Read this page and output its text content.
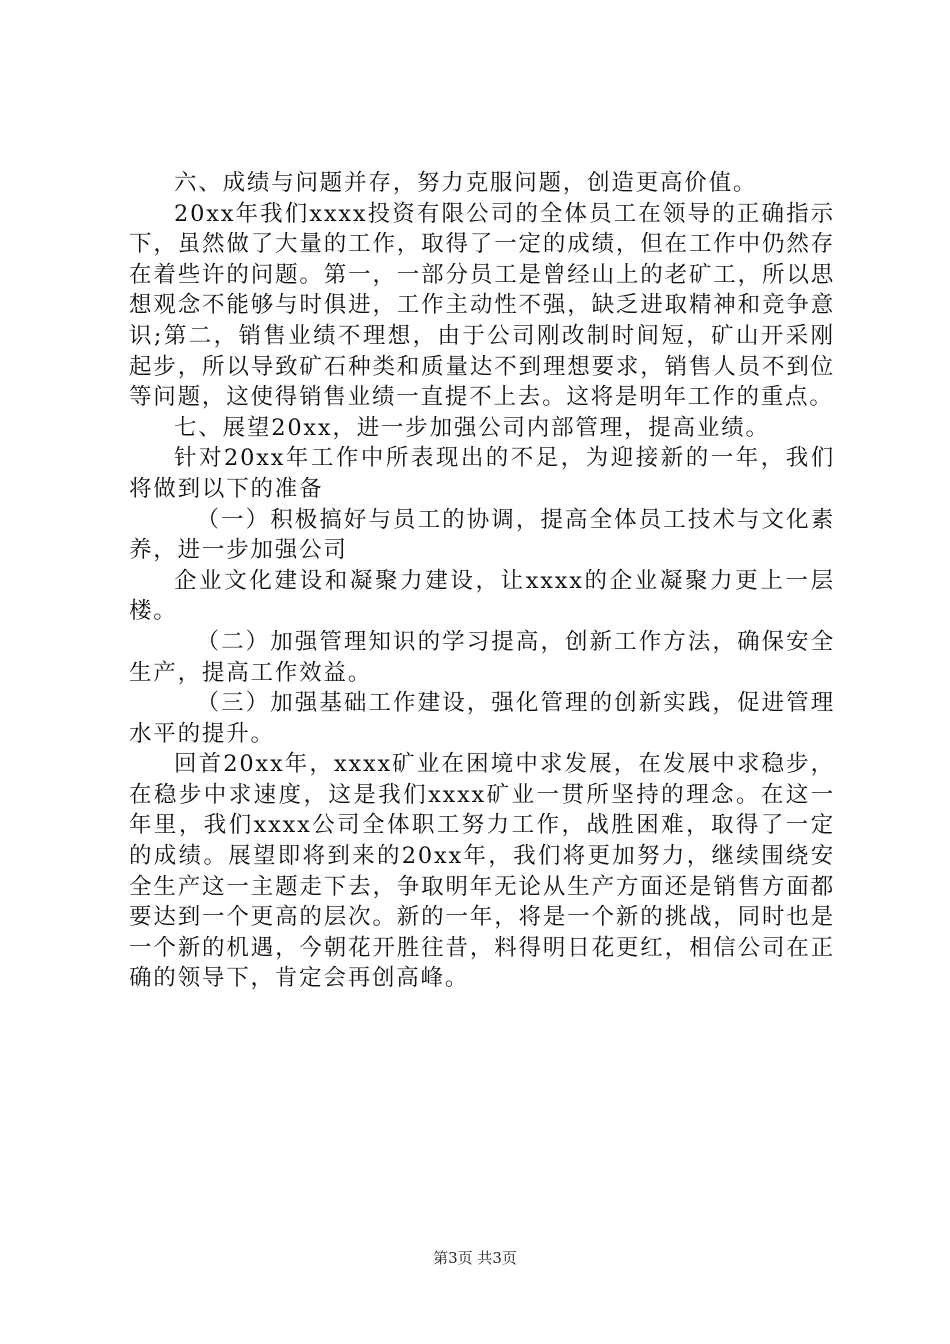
六、成绩与问题并存，努力克服问题，创造更高价值。

20xx年我们xxxx投资有限公司的全体员工在领导的正确指示下，虽然做了大量的工作，取得了一定的成绩，但在工作中仍然存在着些许的问题。第一，一部分员工是曾经山上的老矿工，所以思想观念不能够与时俱进，工作主动性不强，缺乏进取精神和竞争意识;第二，销售业绩不理想，由于公司刚改制时间短，矿山开采刚起步，所以导致矿石种类和质量达不到理想要求，销售人员不到位等问题，这使得销售业绩一直提不上去。这将是明年工作的重点。

七、展望20xx，进一步加强公司内部管理，提高业绩。

针对20xx年工作中所表现出的不足，为迎接新的一年，我们将做到以下的准备

（一）积极搞好与员工的协调，提高全体员工技术与文化素养，进一步加强公司

企业文化建设和凝聚力建设，让xxxx的企业凝聚力更上一层楼。

（二）加强管理知识的学习提高，创新工作方法，确保安全生产，提高工作效益。

（三）加强基础工作建设，强化管理的创新实践，促进管理水平的提升。

回首20xx年，xxxx矿业在困境中求发展，在发展中求稳步，在稳步中求速度，这是我们xxxx矿业一贯所坚持的理念。在这一年里，我们xxxx公司全体职工努力工作，战胜困难，取得了一定的成绩。展望即将到来的20xx年，我们将更加努力，继续围绕安全生产这一主题走下去，争取明年无论从生产方面还是销售方面都要达到一个更高的层次。新的一年，将是一个新的挑战，同时也是一个新的机遇，今朝花开胜往昔，料得明日花更红，相信公司在正确的领导下，肯定会再创高峰。

第3页 共3页
